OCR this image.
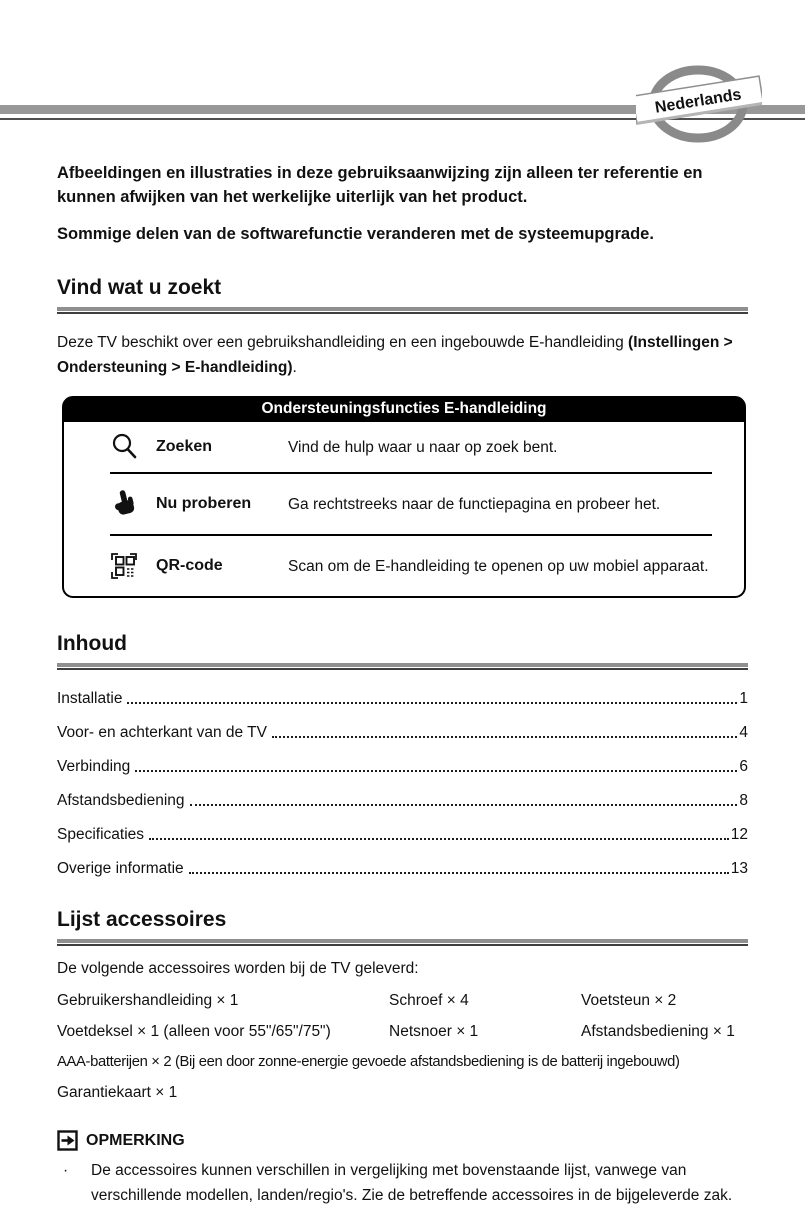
Nederlands

Afbeeldingen en illustraties in deze gebruiksaanwijzing zijn alleen ter referentie en kunnen afwijken van het werkelijke uiterlijk van het product.

Sommige delen van de softwarefunctie veranderen met de systeemupgrade.

Vind wat u zoekt

Deze TV beschikt over een gebruikshandleiding en een ingebouwde E-handleiding (Instellingen > Ondersteuning > E-handleiding).

Ondersteuningsfuncties E-handleiding
Zoeken	Vind de hulp waar u naar op zoek bent.
Nu proberen	Ga rechtstreeks naar de functiepagina en probeer het.
QR-code	Scan om de E-handleiding te openen op uw mobiel apparaat.
Inhoud
Installatie	1
Voor- en achterkant van de TV	4
Verbinding	6
Afstandsbediening	8
Specificaties	12
Overige informatie	13
Lijst accessoires

De volgende accessoires worden bij de TV geleverd:

Gebruikershandleiding × 1	Schroef × 4	Voetsteun × 2
Voetdeksel × 1 (alleen voor 55"/65"/75")	Netsnoer × 1	Afstandsbediening × 1

AAA-batterijen × 2 (Bij een door zonne-energie gevoede afstandsbediening is de batterij ingebouwd)

Garantiekaart × 1

OPMERKING
·	De accessoires kunnen verschillen in vergelijking met bovenstaande lijst, vanwege van verschillende modellen, landen/regio's. Zie de betreffende accessoires in de bijgeleverde zak.
